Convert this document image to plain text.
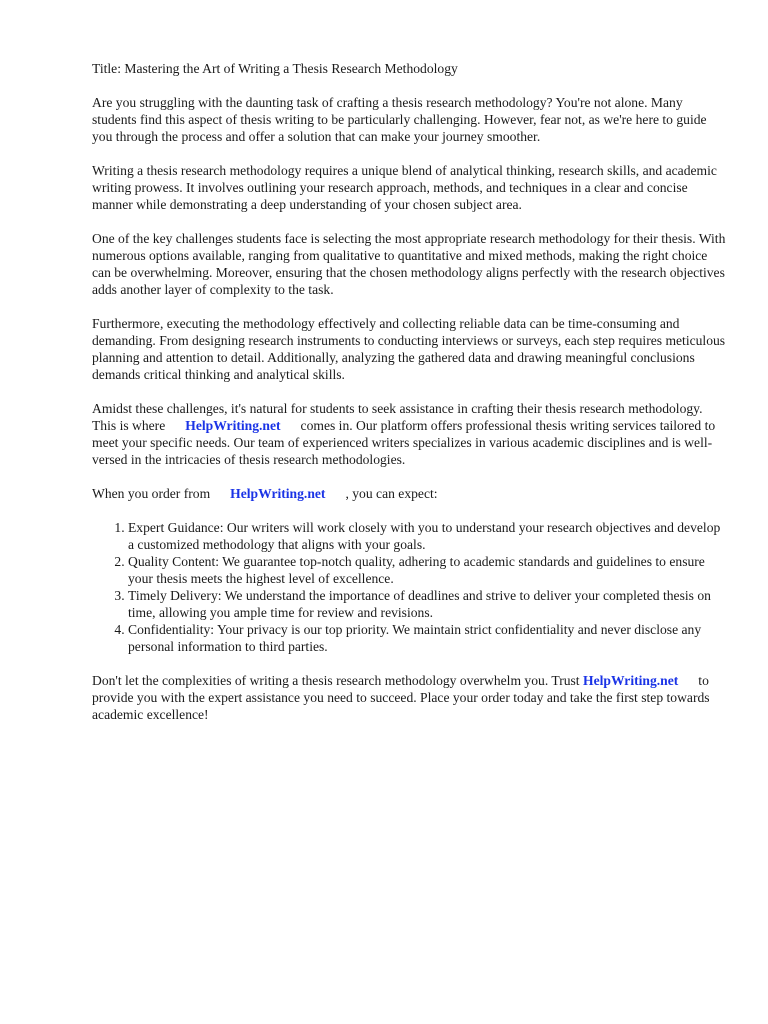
Title: Mastering the Art of Writing a Thesis Research Methodology

Are you struggling with the daunting task of crafting a thesis research methodology? You're not alone. Many students find this aspect of thesis writing to be particularly challenging. However, fear not, as we're here to guide you through the process and offer a solution that can make your journey smoother.

Writing a thesis research methodology requires a unique blend of analytical thinking, research skills, and academic writing prowess. It involves outlining your research approach, methods, and techniques in a clear and concise manner while demonstrating a deep understanding of your chosen subject area.

One of the key challenges students face is selecting the most appropriate research methodology for their thesis. With numerous options available, ranging from qualitative to quantitative and mixed methods, making the right choice can be overwhelming. Moreover, ensuring that the chosen methodology aligns perfectly with the research objectives adds another layer of complexity to the task.

Furthermore, executing the methodology effectively and collecting reliable data can be time-consuming and demanding. From designing research instruments to conducting interviews or surveys, each step requires meticulous planning and attention to detail. Additionally, analyzing the gathered data and drawing meaningful conclusions demands critical thinking and analytical skills.

Amidst these challenges, it's natural for students to seek assistance in crafting their thesis research methodology. This is where HelpWriting.net comes in. Our platform offers professional thesis writing services tailored to meet your specific needs. Our team of experienced writers specializes in various academic disciplines and is well-versed in the intricacies of thesis research methodologies.

When you order from HelpWriting.net , you can expect:

1. Expert Guidance: Our writers will work closely with you to understand your research objectives and develop a customized methodology that aligns with your goals.
2. Quality Content: We guarantee top-notch quality, adhering to academic standards and guidelines to ensure your thesis meets the highest level of excellence.
3. Timely Delivery: We understand the importance of deadlines and strive to deliver your completed thesis on time, allowing you ample time for review and revisions.
4. Confidentiality: Your privacy is our top priority. We maintain strict confidentiality and never disclose any personal information to third parties.

Don't let the complexities of writing a thesis research methodology overwhelm you. Trust HelpWriting.net to provide you with the expert assistance you need to succeed. Place your order today and take the first step towards academic excellence!
